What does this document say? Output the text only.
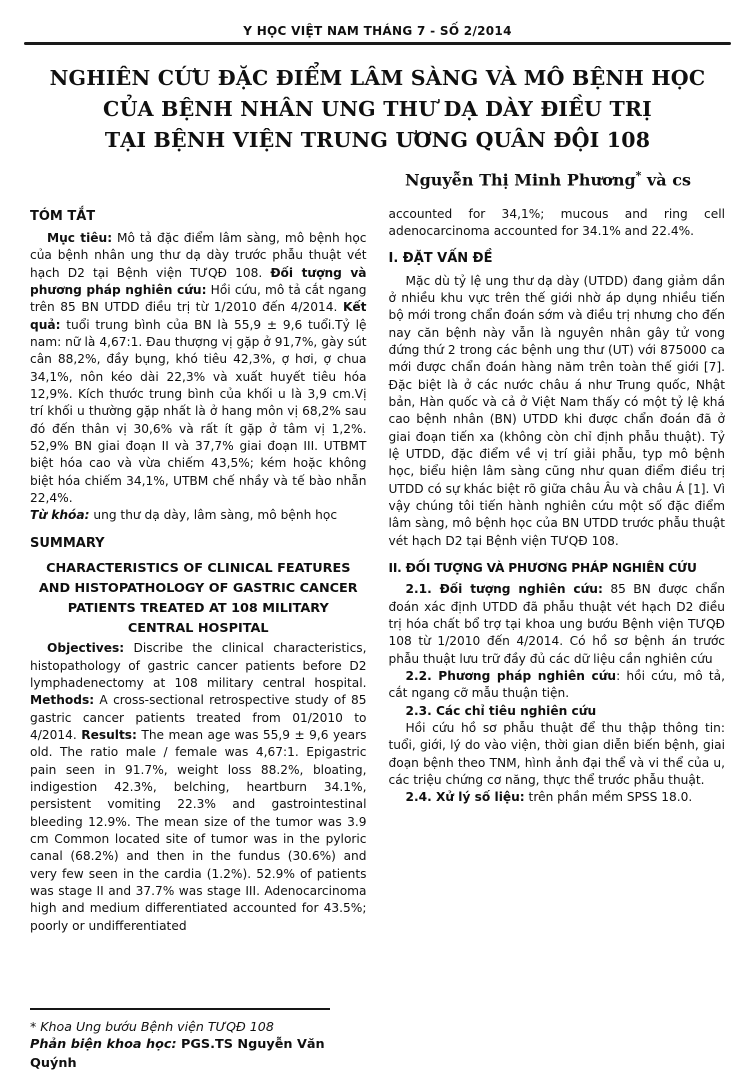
Y HỌC VIỆT NAM THÁNG 7 - SỐ 2/2014
NGHIÊN CỨU ĐẶC ĐIỂM LÂM SÀNG VÀ MÔ BỆNH HỌC
CỦA BỆNH NHÂN UNG THƯ DẠ DÀY ĐIỀU TRỊ
TẠI BỆNH VIỆN TRUNG ƯƠNG QUÂN ĐỘI 108
Nguyễn Thị Minh Phương* và cs
TÓM TẮT

Mục tiêu: Mô tả đặc điểm lâm sàng, mô bệnh học của bệnh nhân ung thư dạ dày trước phẫu thuật vét hạch D2 tại Bệnh viện TƯQĐ 108. Đối tượng và phương pháp nghiên cứu: Hồi cứu, mô tả cắt ngang trên 85 BN UTDD điều trị từ 1/2010 đến 4/2014. Kết quả: tuổi trung bình của BN là 55,9 ± 9,6 tuổi.Tỷ lệ nam: nữ là 4,67:1. Đau thượng vị gặp ở 91,7%, gày sút cân 88,2%, đầy bụng, khó tiêu 42,3%, ợ hơi, ợ chua 34,1%, nôn kéo dài 22,3% và xuất huyết tiêu hóa 12,9%. Kích thước trung bình của khối u là 3,9 cm.Vị trí khối u thường gặp nhất là ở hang môn vị 68,2% sau đó đến thân vị 30,6% và rất ít gặp ở tâm vị 1,2%. 52,9% BN giai đoạn II và 37,7% giai đoạn III. UTBMT biệt hóa cao và vừa chiếm 43,5%; kém hoặc không biệt hóa chiếm 34,1%, UTBM chế nhầy và tế bào nhẫn 22,4%.

Từ khóa: ung thư dạ dày, lâm sàng, mô bệnh học

SUMMARY
CHARACTERISTICS OF CLINICAL FEATURES AND HISTOPATHOLOGY OF GASTRIC CANCER PATIENTS TREATED AT 108 MILITARY CENTRAL HOSPITAL

Objectives: Discribe the clinical characteristics, histopathology of gastric cancer patients before D2 lymphadenectomy at 108 military central hospital. Methods: A cross-sectional retrospective study of 85 gastric cancer patients treated from 01/2010 to 4/2014. Results: The mean age was 55,9 ± 9,6 years old. The ratio male / female was 4,67:1. Epigastric pain seen in 91.7%, weight loss 88.2%, bloating, indigestion 42.3%, belching, heartburn 34.1%, persistent vomiting 22.3% and gastrointestinal bleeding 12.9%. The mean size of the tumor was 3.9 cm Common located site of tumor was in the pyloric canal (68.2%) and then in the fundus (30.6%) and very few seen in the cardia (1.2%). 52.9% of patients was stage II and 37.7% was stage III. Adenocarcinoma high and medium differentiated accounted for 43.5%; poorly or undifferentiated

* Khoa Ung bướu Bệnh viện TƯQĐ 108
Phản biện khoa học: PGS.TS Nguyễn Văn Quýnh

accounted for 34,1%; mucous and ring cell adenocarcinoma accounted for 34.1% and 22.4%.

I. ĐẶT VẤN ĐỀ

Mặc dù tỷ lệ ung thư dạ dày (UTDD) đang giảm dần ở nhiều khu vực trên thế giới nhờ áp dụng nhiều tiến bộ mới trong chẩn đoán sớm và điều trị nhưng cho đến nay căn bệnh này vẫn là nguyên nhân gây tử vong đứng thứ 2 trong các bệnh ung thư (UT) với 875000 ca mới được chẩn đoán hàng năm trên toàn thế giới [7]. Đặc biệt là ở các nước châu á như Trung quốc, Nhật bản, Hàn quốc và cả ở Việt Nam thấy có một tỷ lệ khá cao bệnh nhân (BN) UTDD khi được chẩn đoán đã ở giai đoạn tiến xa (không còn chỉ định phẫu thuật). Tỷ lệ UTDD, đặc điểm về vị trí giải phẫu, typ mô bệnh học, biểu hiện lâm sàng cũng như quan điểm điều trị UTDD có sự khác biệt rõ giữa châu Âu và châu Á [1]. Vì vậy chúng tôi tiến hành nghiên cứu một số đặc điểm lâm sàng, mô bệnh học của BN UTDD trước phẫu thuật vét hạch D2 tại Bệnh viện TƯQĐ 108.

II. ĐỐI TƯỢNG VÀ PHƯƠNG PHÁP NGHIÊN CỨU

2.1. Đối tượng nghiên cứu: 85 BN được chẩn đoán xác định UTDD đã phẫu thuật vét hạch D2 điều trị hóa chất bổ trợ tại khoa ung bướu Bệnh viện TƯQĐ 108 từ 1/2010 đến 4/2014. Có hồ sơ bệnh án trước phẫu thuật lưu trữ đầy đủ các dữ liệu cần nghiên cứu

2.2. Phương pháp nghiên cứu: hồi cứu, mô tả, cắt ngang cỡ mẫu thuận tiện.

2.3. Các chỉ tiêu nghiên cứu

Hồi cứu hồ sơ phẫu thuật để thu thập thông tin: tuổi, giới, lý do vào viện, thời gian diễn biến bệnh, giai đoạn bệnh theo TNM, hình ảnh đại thể và vi thể của u, các triệu chứng cơ năng, thực thể trước phẫu thuật.

2.4. Xử lý số liệu: trên phần mềm SPSS 18.0.
